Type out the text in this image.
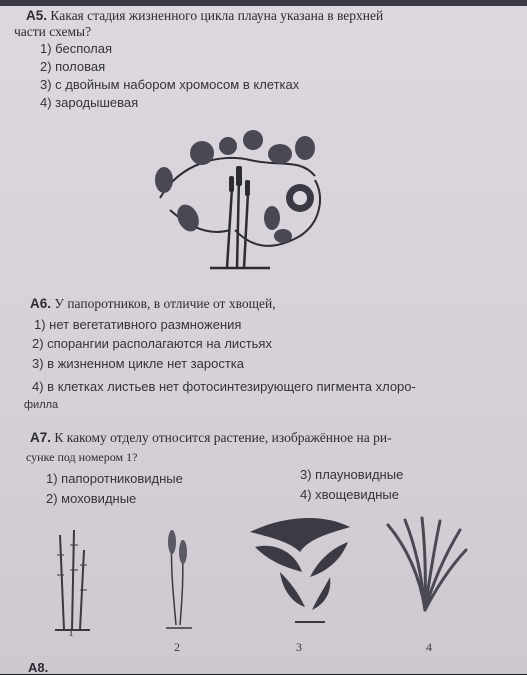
А5. Какая стадия жизненного цикла плауна указана в верхней
части схемы?
1) бесполая
2) половая
3) с двойным набором хромосом в клетках
4) зародышевая
А6. У папоротников, в отличие от хвощей,
1) нет вегетативного размножения
2) спорангии располагаются на листьях
3) в жизненном цикле нет заростка
4) в клетках листьев нет фотосинтезирующего пигмента хлоро-
филла
А7. К какому отделу относится растение, изображённое на ри-
сунке под номером 1?
1) папоротниковидные
2) моховидные
3) плауновидные
4) хвощевидные
1
2	3	4
А8.
